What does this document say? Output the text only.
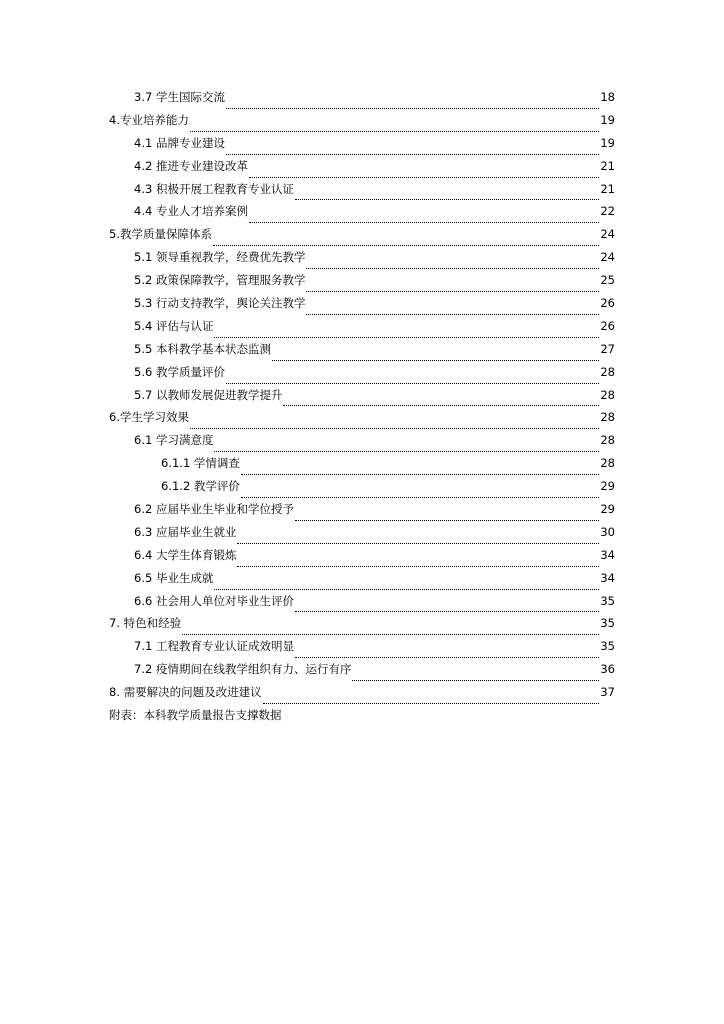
3.7 学生国际交流	18
4.专业培养能力	19
4.1 品牌专业建设	19
4.2 推进专业建设改革	21
4.3 积极开展工程教育专业认证	21
4.4 专业人才培养案例	22
5.教学质量保障体系	24
5.1 领导重视教学，经费优先教学	24
5.2 政策保障教学，管理服务教学	25
5.3 行动支持教学，舆论关注教学	26
5.4 评估与认证	26
5.5 本科教学基本状态监测	27
5.6 教学质量评价	28
5.7 以教师发展促进教学提升	28
6.学生学习效果	28
6.1 学习满意度	28
6.1.1 学情调查	28
6.1.2 教学评价	29
6.2 应届毕业生毕业和学位授予	29
6.3 应届毕业生就业	30
6.4 大学生体育锻炼	34
6.5 毕业生成就	34
6.6 社会用人单位对毕业生评价	35
7. 特色和经验	35
7.1 工程教育专业认证成效明显	35
7.2 疫情期间在线教学组织有力、运行有序	36
8. 需要解决的问题及改进建议	37
附表：本科教学质量报告支撑数据
